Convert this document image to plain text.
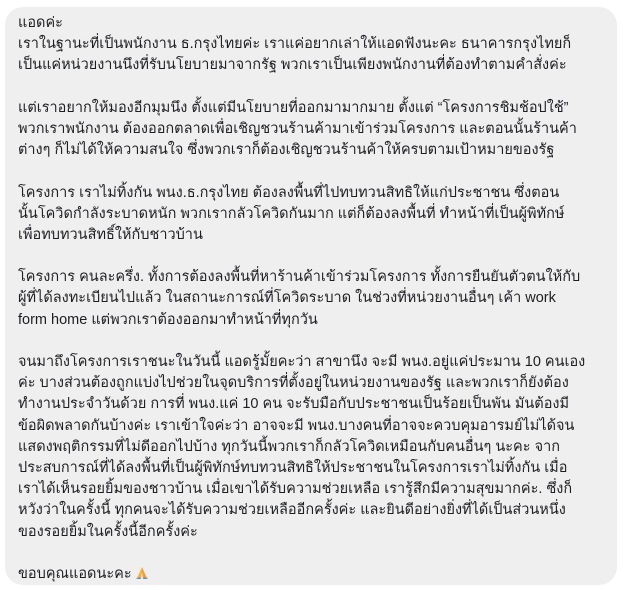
แอดค่ะ
เราในฐานะที่เป็นพนักงาน ธ.กรุงไทยค่ะ เราแค่อยากเล่าให้แอดฟังนะคะ ธนาคารกรุงไทยก็
เป็นแค่หน่วยงานนึงที่รับนโยบายมาจากรัฐ พวกเราเป็นเพียงพนักงานที่ต้องทำตามคำสั่งค่ะ
แต่เราอยากให้มองอีกมุมนึง ตั้งแต่มีนโยบายที่ออกมามากมาย ตั้งแต่ “โครงการชิมช้อปใช้”
พวกเราพนักงาน ต้องออกตลาดเพื่อเชิญชวนร้านค้ามาเข้าร่วมโครงการ และตอนนั้นร้านค้า
ต่างๆ ก็ไม่ได้ให้ความสนใจ ซึ่งพวกเราก็ต้องเชิญชวนร้านค้าให้ครบตามเป้าหมายของรัฐ
โครงการ เราไม่ทิ้งกัน พนง.ธ.กรุงไทย ต้องลงพื้นที่ไปทบทวนสิทธิให้แก่ประชาชน ซึ่งตอน
นั้นโควิดกำลังระบาดหนัก พวกเรากลัวโควิดกันมาก แต่ก็ต้องลงพื้นที่ ทำหน้าที่เป็นผู้พิทักษ์
เพื่อทบทวนสิทธิ์ให้กับชาวบ้าน
โครงการ คนละครึ่ง. ทั้งการต้องลงพื้นที่หาร้านค้าเข้าร่วมโครงการ ทั้งการยืนยันตัวตนให้กับ
ผู้ที่ได้ลงทะเบียนไปแล้ว ในสถานะการณ์ที่โควิดระบาด ในช่วงที่หน่วยงานอื่นๆ เค้า work
form home แต่พวกเราต้องออกมาทำหน้าที่ทุกวัน
จนมาถึงโครงการเราชนะในวันนี้ แอดรู้มั้ยคะว่า สาขานึง จะมี พนง.อยู่แค่ประมาน 10 คนเอง
ค่ะ บางส่วนต้องถูกแบ่งไปช่วยในจุดบริการที่ตั้งอยู่ในหน่วยงานของรัฐ และพวกเราก็ยังต้อง
ทำงานประจำวันด้วย การที่ พนง.แค่ 10 คน จะรับมือกับประชาชนเป็นร้อยเป็นพัน มันต้องมี
ข้อผิดพลาดกันบ้างค่ะ เราเข้าใจค่ะว่า อาจจะมี พนง.บางคนที่อาจจะควบคุมอารมย์ไม่ได้จน
แสดงพฤติกรรมที่ไม่ดีออกไปบ้าง ทุกวันนี้พวกเราก็กลัวโควิดเหมือนกับคนอื่นๆ นะคะ จาก
ประสบการณ์ที่ได้ลงพื้นที่เป็นผู้พิทักษ์ทบทวนสิทธิให้ประชาชนในโครงการเราไม่ทิ้งกัน เมื่อ
เราได้เห็นรอยยิ้มของชาวบ้าน เมื่อเขาได้รับความช่วยเหลือ เรารู้สึกมีความสุขมากค่ะ. ซึ่งก็
หวังว่าในครั้งนี้ ทุกคนจะได้รับความช่วยเหลืออีกครั้งค่ะ และยินดีอย่างยิ่งที่ได้เป็นส่วนหนึ่ง
ของรอยยิ้มในครั้งนี้อีกครั้งค่ะ
ขอบคุณแอดนะคะ
